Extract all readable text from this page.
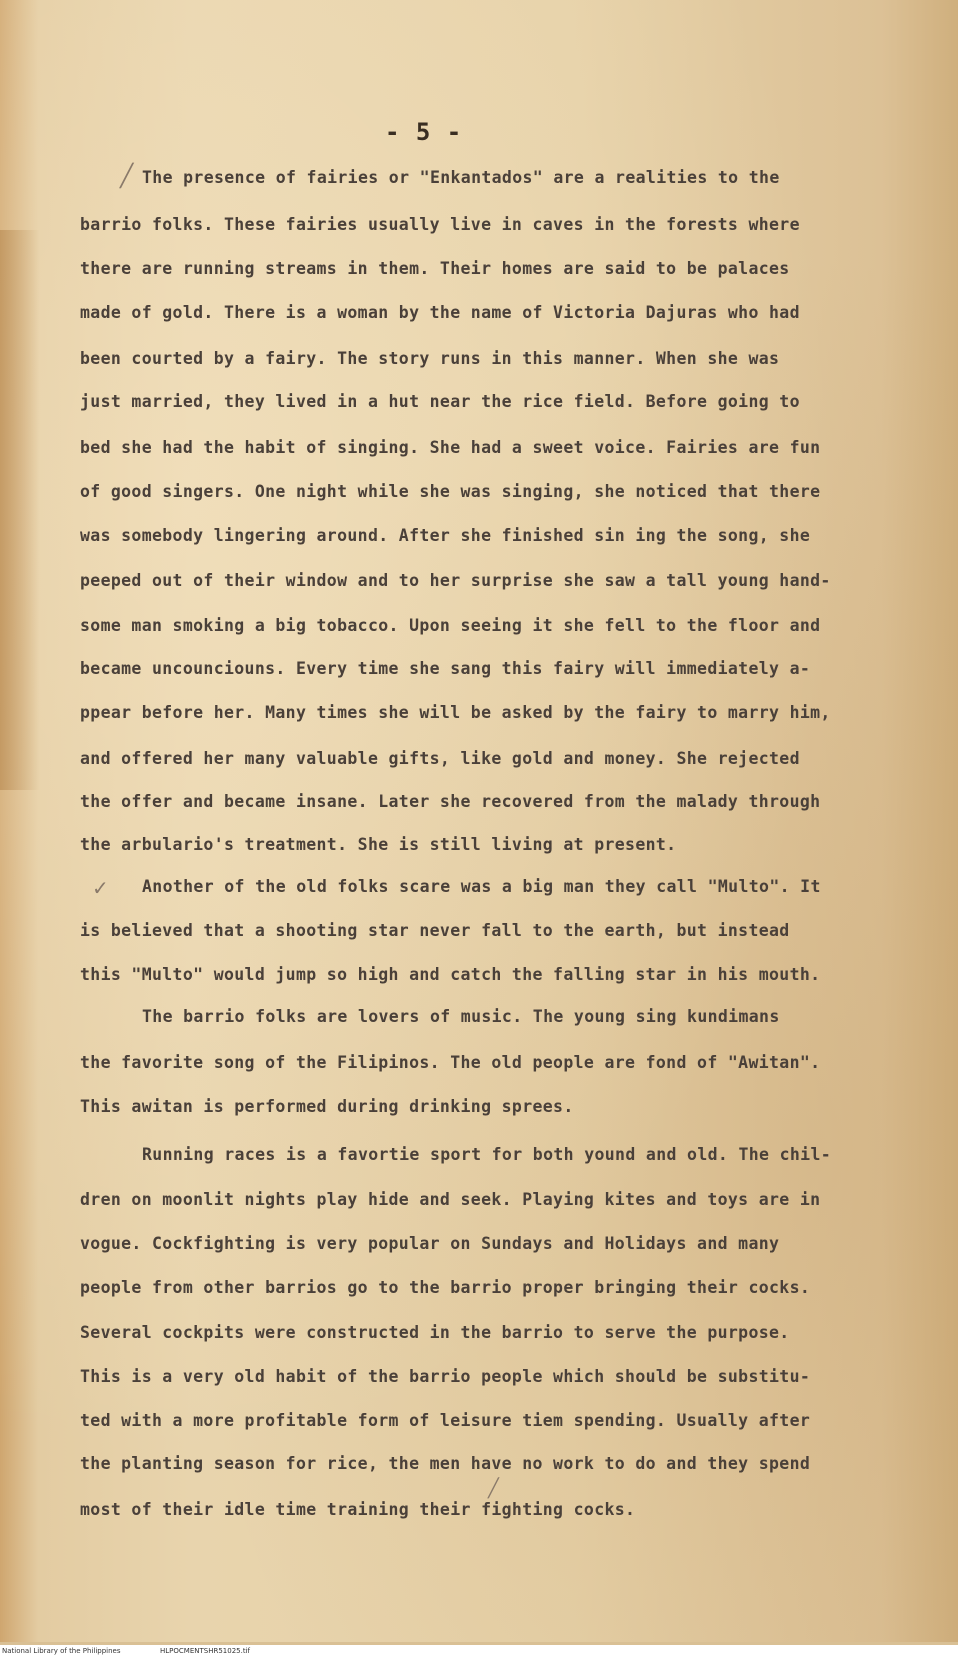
- 5 -
╱
✓
╱
The presence of fairies or "Enkantados" are a realities to the
barrio folks. These fairies usually live in caves in the forests where
there are running streams in them. Their homes are said to be palaces
made of gold. There is a woman by the name of Victoria Dajuras who had
been courted by a fairy. The story runs in this manner. When she was
just married, they lived in a hut near the rice field. Before going to
bed she had the habit of singing. She had a sweet voice. Fairies are fun
of good singers. One night while she was singing, she noticed that there
was somebody lingering around. After she finished sin ing the song, she
peeped out of their window and to her surprise she saw a tall young hand-
some man smoking a big tobacco. Upon seeing it she fell to the floor and
became uncounciouns. Every time she sang this fairy will immediately a-
ppear before her. Many times she will be asked by the fairy to marry him,
and offered her many valuable gifts, like gold and money. She rejected
the offer and became insane. Later she recovered from the malady through
the arbulario's treatment. She is still living at present.
Another of the old folks scare was a big man they call "Multo". It
is believed that a shooting star never fall to the earth, but instead
this "Multo" would jump so high and catch the falling star in his mouth.
The barrio folks are lovers of music. The young sing kundimans
the favorite song of the Filipinos. The old people are fond of "Awitan".
This awitan is performed during drinking sprees.
Running races is a favortie sport for both yound and old. The chil-
dren on moonlit nights play hide and seek. Playing kites and toys are in
vogue. Cockfighting is very popular on Sundays and Holidays and many
people from other barrios go to the barrio proper bringing their cocks.
Several cockpits were constructed in the barrio to serve the purpose.
This is a very old habit of the barrio people which should be substitu-
ted with a more profitable form of leisure tiem spending. Usually after
the planting season for rice, the men have no work to do and they spend
most of their idle time training their fighting cocks.
National Library of the Philippines	HLPOCMENTSHR51025.tif
